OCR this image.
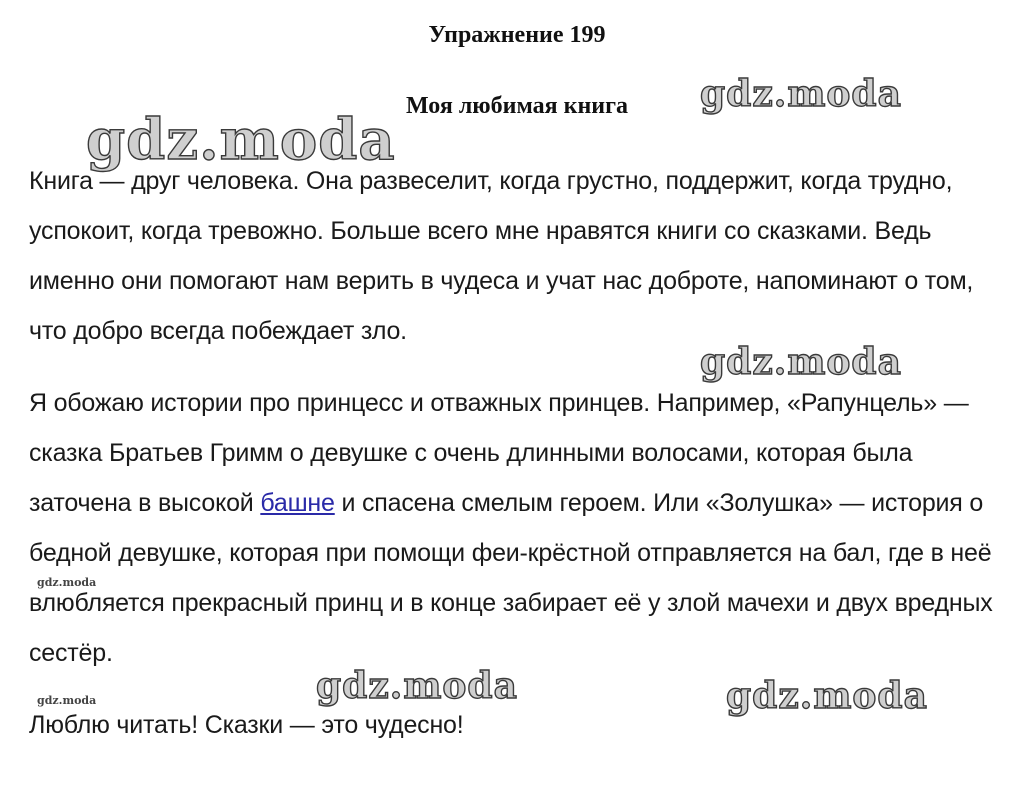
Упражнение 199
Моя любимая книга

Книга — друг человека. Она развеселит, когда грустно, поддержит, когда трудно, успокоит, когда тревожно. Больше всего мне нравятся книги со сказками. Ведь именно они помогают нам верить в чудеса и учат нас доброте, напоминают о том, что добро всегда побеждает зло.

Я обожаю истории про принцесс и отважных принцев. Например, «Рапунцель» — сказка Братьев Гримм о девушке с очень длинными волосами, которая была заточена в высокой башне и спасена смелым героем. Или «Золушка» — история о бедной девушке, которая при помощи феи-крёстной отправляется на бал, где в неё влюбляется прекрасный принц и в конце забирает её у злой мачехи и двух вредных сестёр.

Люблю читать! Сказки — это чудесно!

gdz.moda
gdz.moda
gdz.moda
gdz.moda	gdz.moda
gdz.moda
gdz.moda
